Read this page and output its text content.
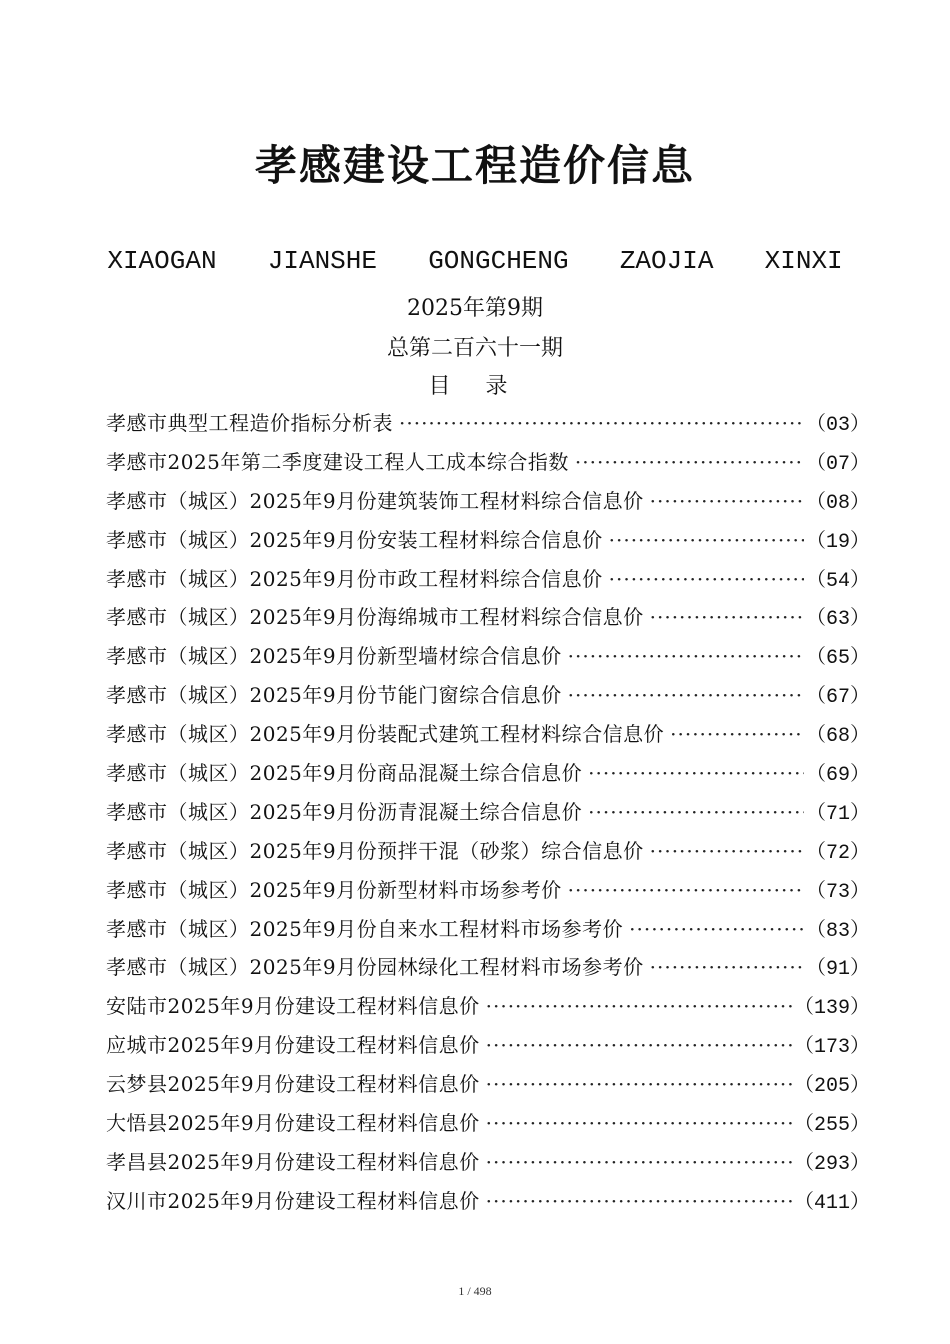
孝感建设工程造价信息
XIAOGAN  JIANSHE  GONGCHENG  ZAOJIA  XINXI
2025年第9期
总第二百六十一期
目 录
孝感市典型工程造价指标分析表 ·····	（03）
孝感市2025年第二季度建设工程人工成本综合指数 ·····	（07）
孝感市（城区）2025年9月份建筑装饰工程材料综合信息价 ·····	（08）
孝感市（城区）2025年9月份安装工程材料综合信息价 ·····	（19）
孝感市（城区）2025年9月份市政工程材料综合信息价 ·····	（54）
孝感市（城区）2025年9月份海绵城市工程材料综合信息价 ·····	（63）
孝感市（城区）2025年9月份新型墙材综合信息价 ·····	（65）
孝感市（城区）2025年9月份节能门窗综合信息价 ·····	（67）
孝感市（城区）2025年9月份装配式建筑工程材料综合信息价 ·····	（68）
孝感市（城区）2025年9月份商品混凝土综合信息价 ·····	（69）
孝感市（城区）2025年9月份沥青混凝土综合信息价 ·····	（71）
孝感市（城区）2025年9月份预拌干混（砂浆）综合信息价 ·····	（72）
孝感市（城区）2025年9月份新型材料市场参考价 ·····	（73）
孝感市（城区）2025年9月份自来水工程材料市场参考价 ·····	（83）
孝感市（城区）2025年9月份园林绿化工程材料市场参考价 ·····	（91）
安陆市2025年9月份建设工程材料信息价 ·····	（139）
应城市2025年9月份建设工程材料信息价 ·····	（173）
云梦县2025年9月份建设工程材料信息价 ·····	（205）
大悟县2025年9月份建设工程材料信息价 ·····	（255）
孝昌县2025年9月份建设工程材料信息价 ·····	（293）
汉川市2025年9月份建设工程材料信息价 ·····	（411）
1 / 498
